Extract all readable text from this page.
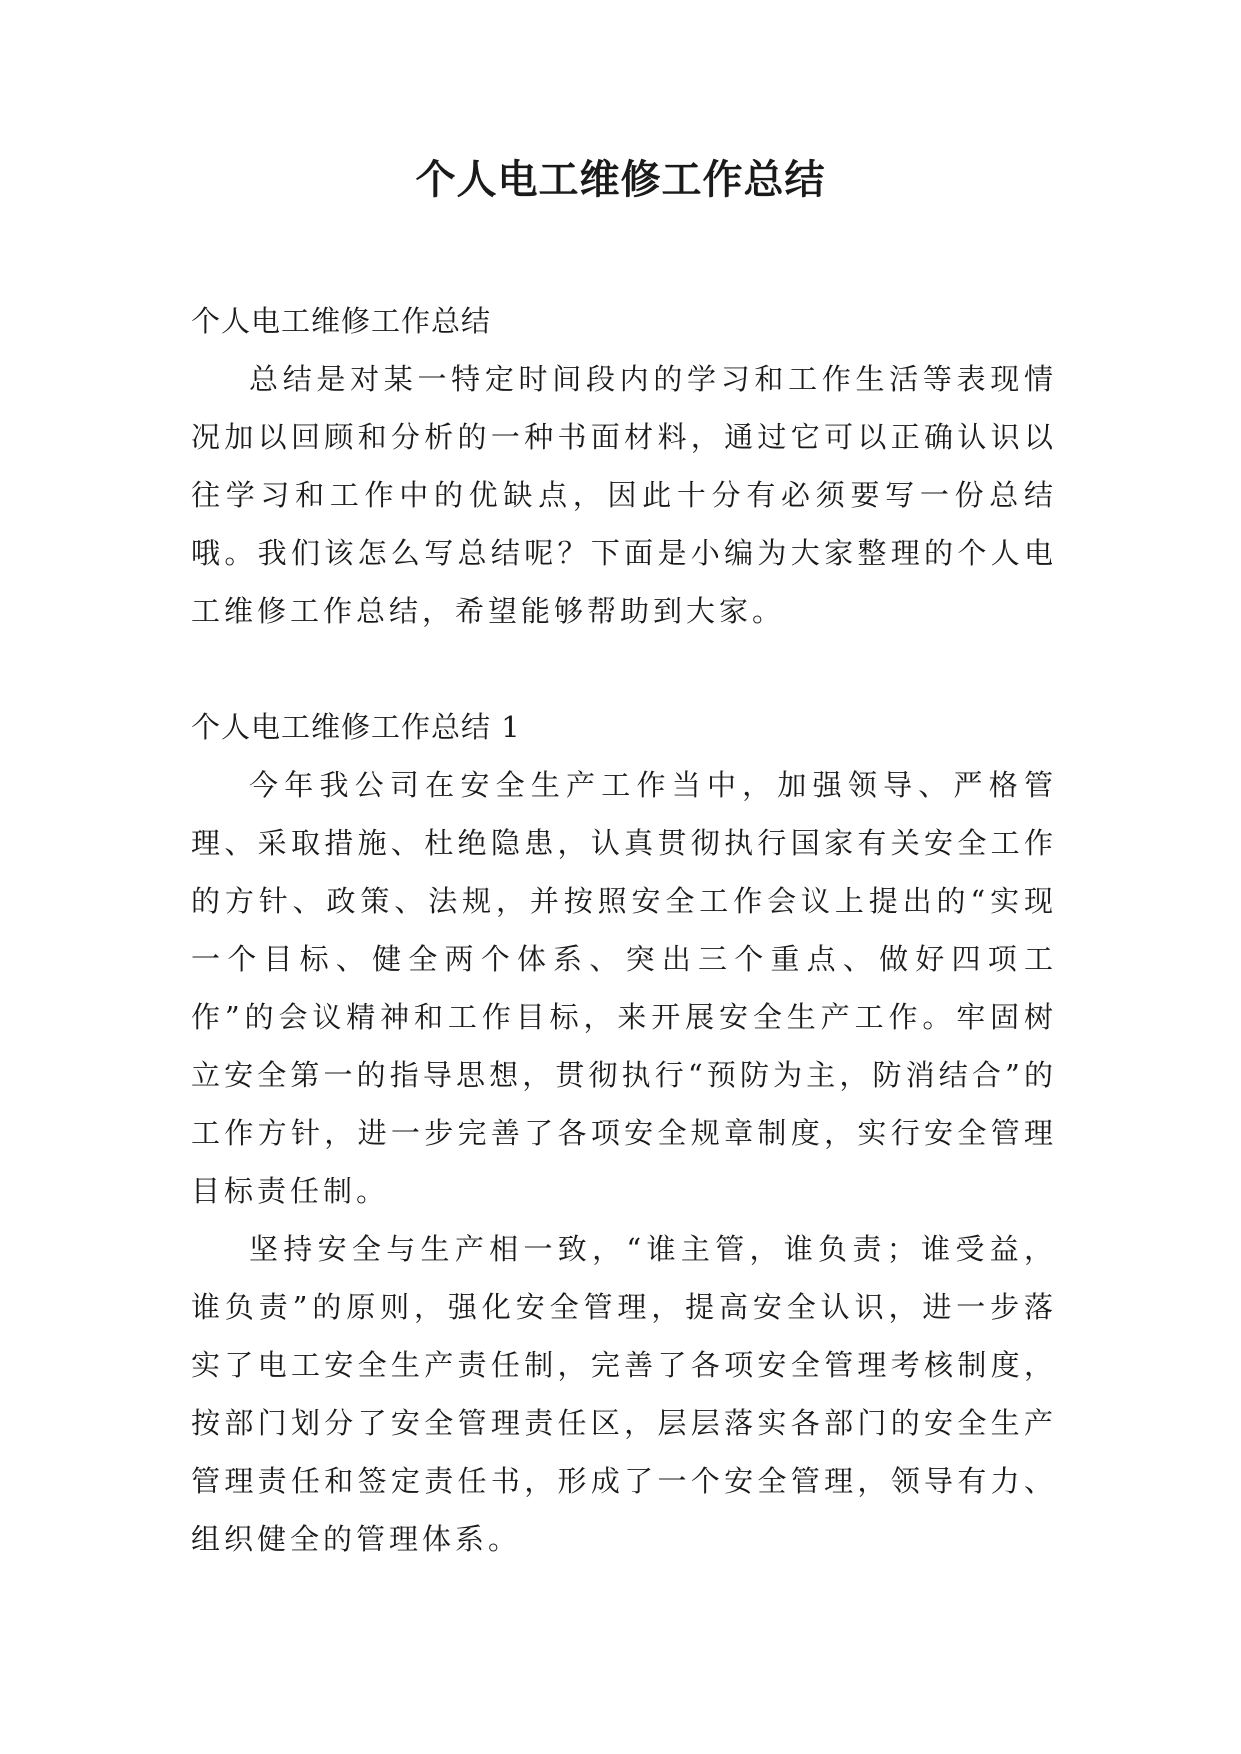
个人电工维修工作总结

个人电工维修工作总结

总结是对某一特定时间段内的学习和工作生活等表现情况加以回顾和分析的一种书面材料，通过它可以正确认识以往学习和工作中的优缺点，因此十分有必须要写一份总结哦。我们该怎么写总结呢？下面是小编为大家整理的个人电工维修工作总结，希望能够帮助到大家。

个人电工维修工作总结 1

今年我公司在安全生产工作当中，加强领导、严格管理、采取措施、杜绝隐患，认真贯彻执行国家有关安全工作的方针、政策、法规，并按照安全工作会议上提出的“实现一个目标、健全两个体系、突出三个重点、做好四项工作”的会议精神和工作目标，来开展安全生产工作。牢固树立安全第一的指导思想，贯彻执行“预防为主，防消结合”的工作方针，进一步完善了各项安全规章制度，实行安全管理目标责任制。

坚持安全与生产相一致，“谁主管，谁负责；谁受益，谁负责”的原则，强化安全管理，提高安全认识，进一步落实了电工安全生产责任制，完善了各项安全管理考核制度，按部门划分了安全管理责任区，层层落实各部门的安全生产管理责任和签定责任书，形成了一个安全管理，领导有力、组织健全的管理体系。
